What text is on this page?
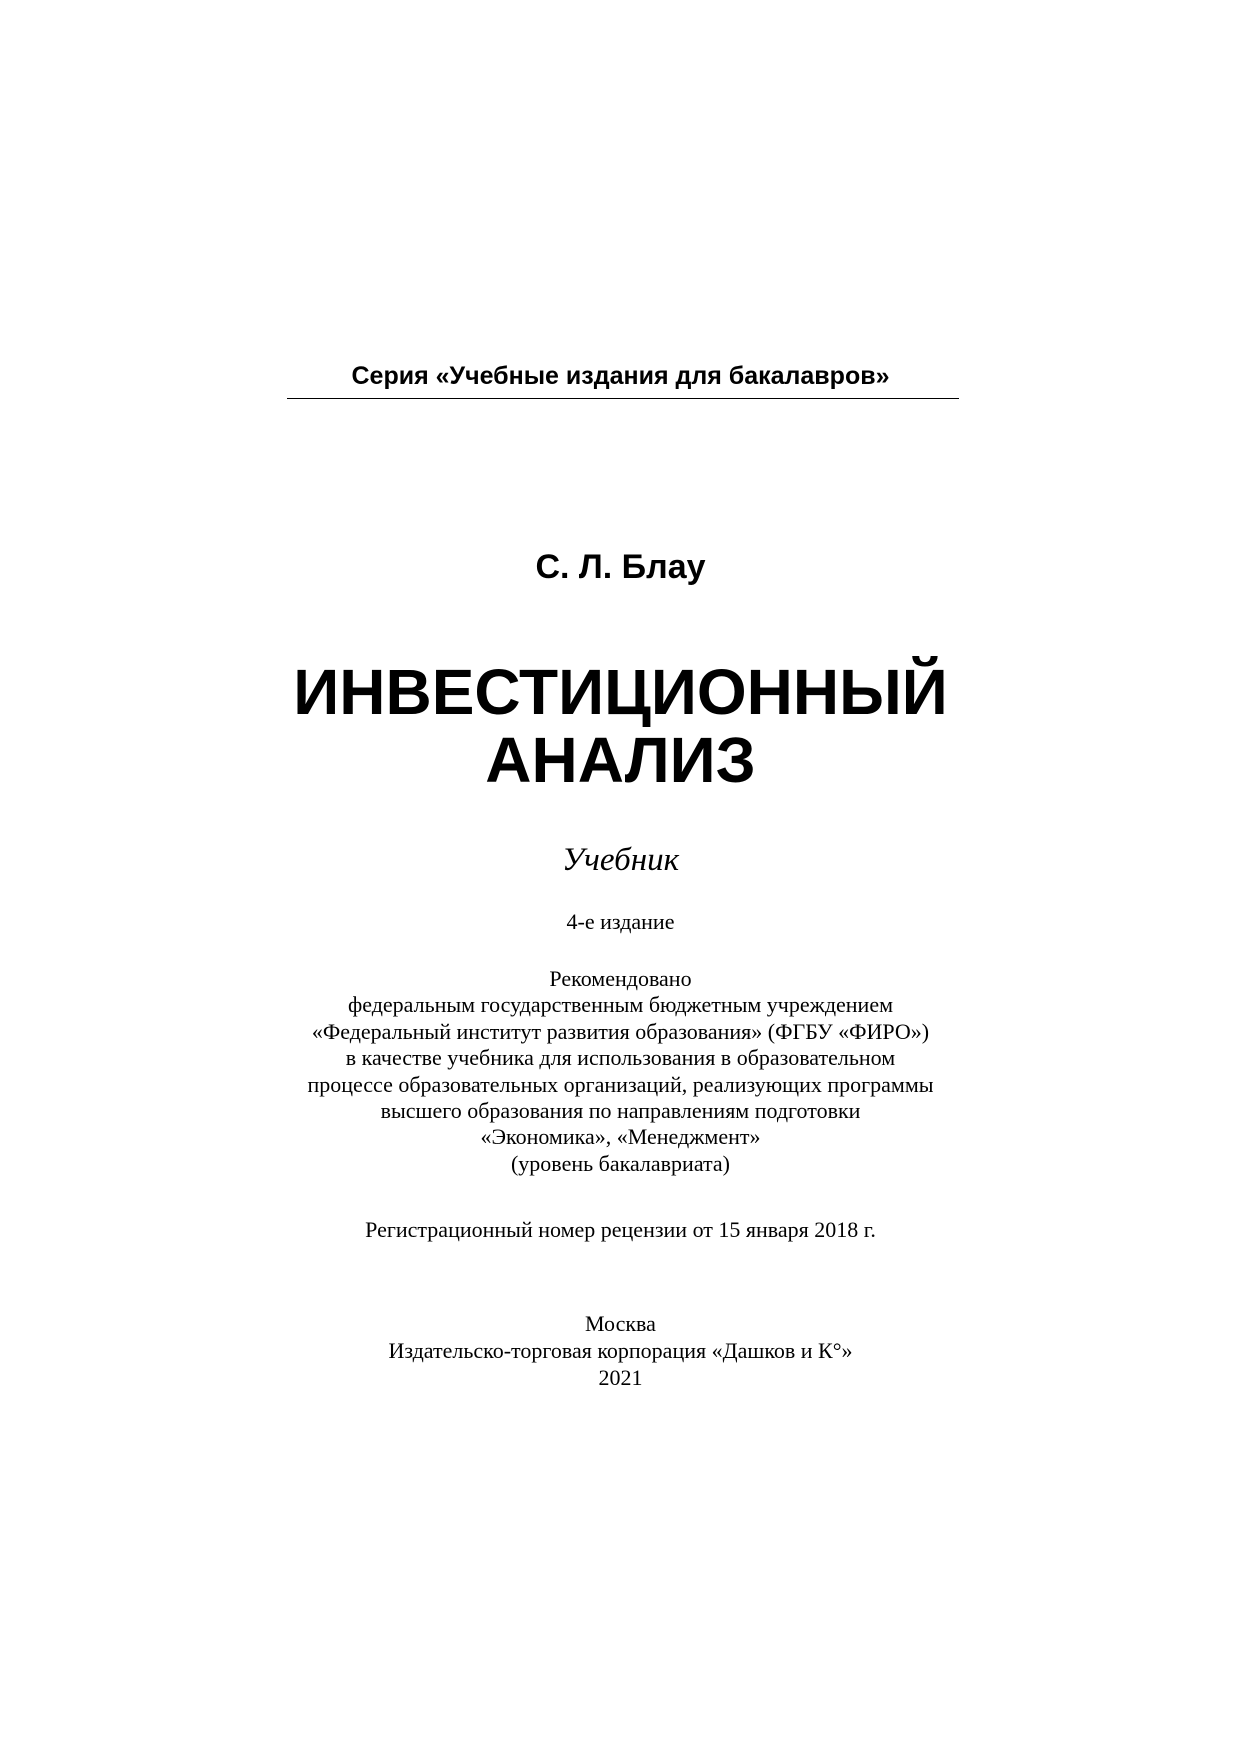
Серия «Учебные издания для бакалавров»
С. Л. Блау
ИНВЕСТИЦИОННЫЙ
АНАЛИЗ
Учебник
4-е издание
Рекомендовано
федеральным государственным бюджетным учреждением
«Федеральный институт развития образования» (ФГБУ «ФИРО»)
в качестве учебника для использования в образовательном
процессе образовательных организаций, реализующих программы
высшего образования по направлениям подготовки
«Экономика», «Менеджмент»
(уровень бакалавриата)
Регистрационный номер рецензии от 15 января 2018 г.
Москва
Издательско-торговая корпорация «Дашков и К°»
2021
